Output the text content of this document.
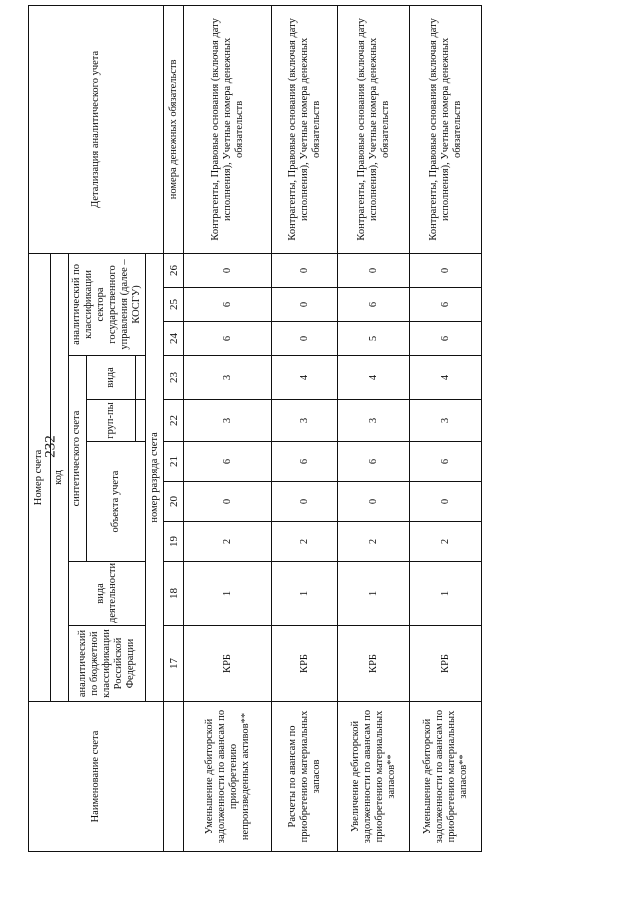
232
Наименование счета	Номер счета										Детализация аналитического учета
	код										
	аналитический по бюджетной классификации Российской Федерации	вида деятельности	синтетического счета					аналитический по классификации сектора государственного управления (далее – КОСГУ)			
			объекта учета			груп-пы	вида				

	номер разряда счета										
	17	18	19	20	21	22	23	24	25	26	номера денежных обязательств
Уменьшение дебиторской задолженности по авансам по приобретению непроизведенных активов**	КРБ	1	2	0	6	3	3	6	6	0	Контрагенты, Правовые основания (включая дату исполнения), Учетные номера денежных обязательств
Расчеты по авансам по приобретению материальных запасов	КРБ	1	2	0	6	3	4	0	0	0	Контрагенты, Правовые основания (включая дату исполнения), Учетные номера денежных обязательств
Увеличение дебиторской задолженности по авансам по приобретению материальных запасов**	КРБ	1	2	0	6	3	4	5	6	0	Контрагенты, Правовые основания (включая дату исполнения), Учетные номера денежных обязательств
Уменьшение дебиторской задолженности по авансам по приобретению материальных запасов**	КРБ	1	2	0	6	3	4	6	6	0	Контрагенты, Правовые основания (включая дату исполнения), Учетные номера денежных обязательств
